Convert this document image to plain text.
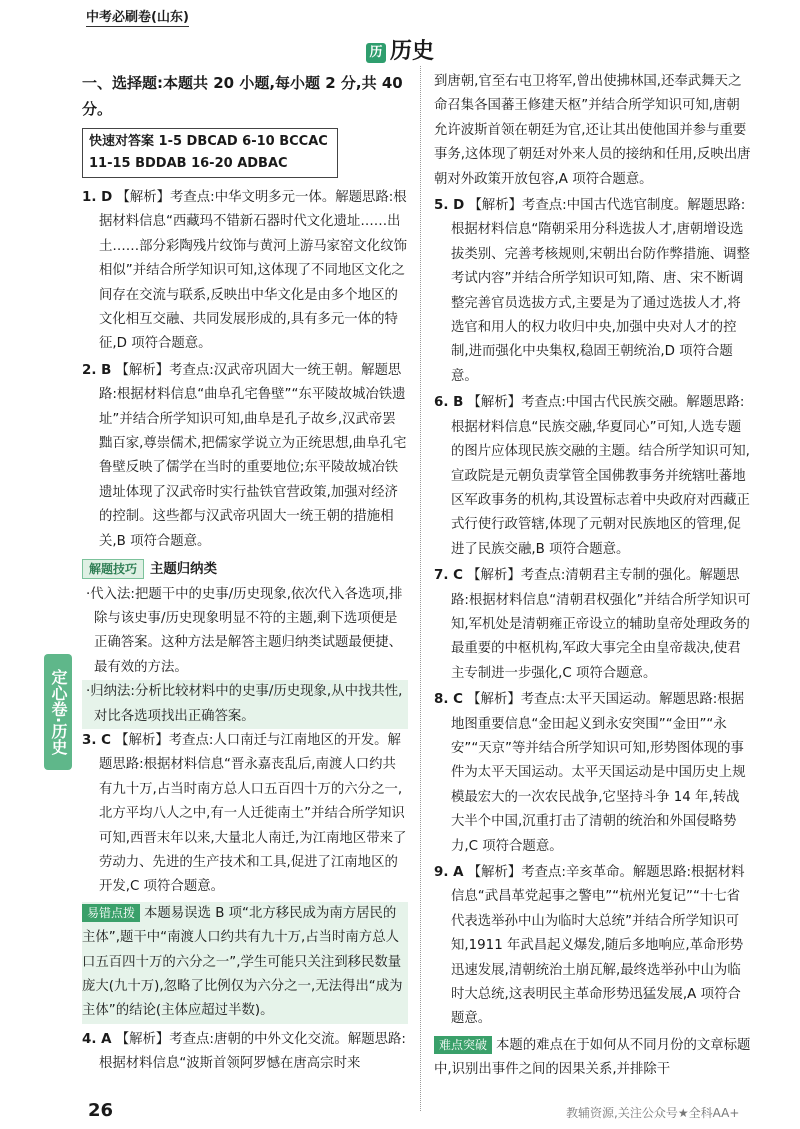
中考必刷卷(山东)
历 历史

一、选择题:本题共 20 小题,每小题 2 分,共 40 分。

快速对答案 1-5 DBCAD 6-10 BCCAC
11-15 BDDAB 16-20 ADBAC

1. D 【解析】考查点:中华文明多元一体。解题思路:根据材料信息“西藏玛不错新石器时代文化遗址……出土……部分彩陶残片纹饰与黄河上游马家窑文化纹饰相似”并结合所学知识可知,这体现了不同地区文化之间存在交流与联系,反映出中华文化是由多个地区的文化相互交融、共同发展形成的,具有多元一体的特征,D 项符合题意。

2. B 【解析】考查点:汉武帝巩固大一统王朝。解题思路:根据材料信息“曲阜孔宅鲁壁”“东平陵故城冶铁遗址”并结合所学知识可知,曲阜是孔子故乡,汉武帝罢黜百家,尊崇儒术,把儒家学说立为正统思想,曲阜孔宅鲁壁反映了儒学在当时的重要地位;东平陵故城冶铁遗址体现了汉武帝时实行盐铁官营政策,加强对经济的控制。这些都与汉武帝巩固大一统王朝的措施相关,B 项符合题意。

解题技巧 主题归纳类

·代入法:把题干中的史事/历史现象,依次代入各选项,排除与该史事/历史现象明显不符的主题,剩下选项便是正确答案。这种方法是解答主题归纳类试题最便捷、最有效的方法。

·归纳法:分析比较材料中的史事/历史现象,从中找共性,对比各选项找出正确答案。

3. C 【解析】考查点:人口南迁与江南地区的开发。解题思路:根据材料信息“晋永嘉丧乱后,南渡人口约共有九十万,占当时南方总人口五百四十万的六分之一,北方平均八人之中,有一人迁徙南土”并结合所学知识可知,西晋末年以来,大量北人南迁,为江南地区带来了劳动力、先进的生产技术和工具,促进了江南地区的开发,C 项符合题意。

易错点拨 本题易误选 B 项“北方移民成为南方居民的主体”,题干中“南渡人口约共有九十万,占当时南方总人口五百四十万的六分之一”,学生可能只关注到移民数量庞大(九十万),忽略了比例仅为六分之一,无法得出“成为主体”的结论(主体应超过半数)。

4. A 【解析】考查点:唐朝的中外文化交流。解题思路:根据材料信息“波斯首领阿罗憾在唐高宗时来

到唐朝,官至右屯卫将军,曾出使拂林国,还奉武舞天之命召集各国蕃王修建天枢”并结合所学知识可知,唐朝允许波斯首领在朝廷为官,还让其出使他国并参与重要事务,这体现了朝廷对外来人员的接纳和任用,反映出唐朝对外政策开放包容,A 项符合题意。

5. D 【解析】考查点:中国古代选官制度。解题思路:根据材料信息“隋朝采用分科选拔人才,唐朝增设选拔类别、完善考核规则,宋朝出台防作弊措施、调整考试内容”并结合所学知识可知,隋、唐、宋不断调整完善官员选拔方式,主要是为了通过选拔人才,将选官和用人的权力收归中央,加强中央对人才的控制,进而强化中央集权,稳固王朝统治,D 项符合题意。

6. B 【解析】考查点:中国古代民族交融。解题思路:根据材料信息“民族交融,华夏同心”可知,人选专题的图片应体现民族交融的主题。结合所学知识可知,宣政院是元朝负责掌管全国佛教事务并统辖吐蕃地区军政事务的机构,其设置标志着中央政府对西藏正式行使行政管辖,体现了元朝对民族地区的管理,促进了民族交融,B 项符合题意。

7. C 【解析】考查点:清朝君主专制的强化。解题思路:根据材料信息“清朝君权强化”并结合所学知识可知,军机处是清朝雍正帝设立的辅助皇帝处理政务的最重要的中枢机构,军政大事完全由皇帝裁决,使君主专制进一步强化,C 项符合题意。

8. C 【解析】考查点:太平天国运动。解题思路:根据地图重要信息“金田起义到永安突围”“金田”“永安”“天京”等并结合所学知识可知,形势图体现的事件为太平天国运动。太平天国运动是中国历史上规模最宏大的一次农民战争,它坚持斗争 14 年,转战大半个中国,沉重打击了清朝的统治和外国侵略势力,C 项符合题意。

9. A 【解析】考查点:辛亥革命。解题思路:根据材料信息“武昌革党起事之警电”“杭州光复记”“十七省代表选举孙中山为临时大总统”并结合所学知识可知,1911 年武昌起义爆发,随后多地响应,革命形势迅速发展,清朝统治土崩瓦解,最终选举孙中山为临时大总统,这表明民主革命形势迅猛发展,A 项符合题意。

难点突破 本题的难点在于如何从不同月份的文章标题中,识别出事件之间的因果关系,并排除干

定心卷·历史
26	教辅资源,关注公众号★全科AA+
